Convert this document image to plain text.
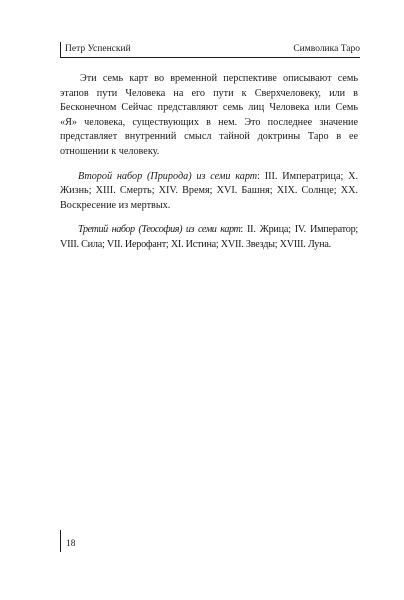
Петр Успенский	Символика Таро

Эти семь карт во временной перспективе описывают семь этапов пути Человека на его пути к Сверхчеловеку, или в Бесконечном Сейчас представляют семь лиц Человека или Семь «Я» человека, существующих в нем. Это последнее значение представляет внутренний смысл тайной доктрины Таро в ее отношении к человеку.

Второй набор (Природа) из семи карт: III. Императрица; X. Жизнь; XIII. Смерть; XIV. Время; XVI. Башня; XIX. Солнце; XX. Воскресение из мертвых.

Третий набор (Теософия) из семи карт: II. Жрица; IV. Император; VIII. Сила; VII. Иерофант; XI. Истина; XVII. Звезды; XVIII. Луна.

18
